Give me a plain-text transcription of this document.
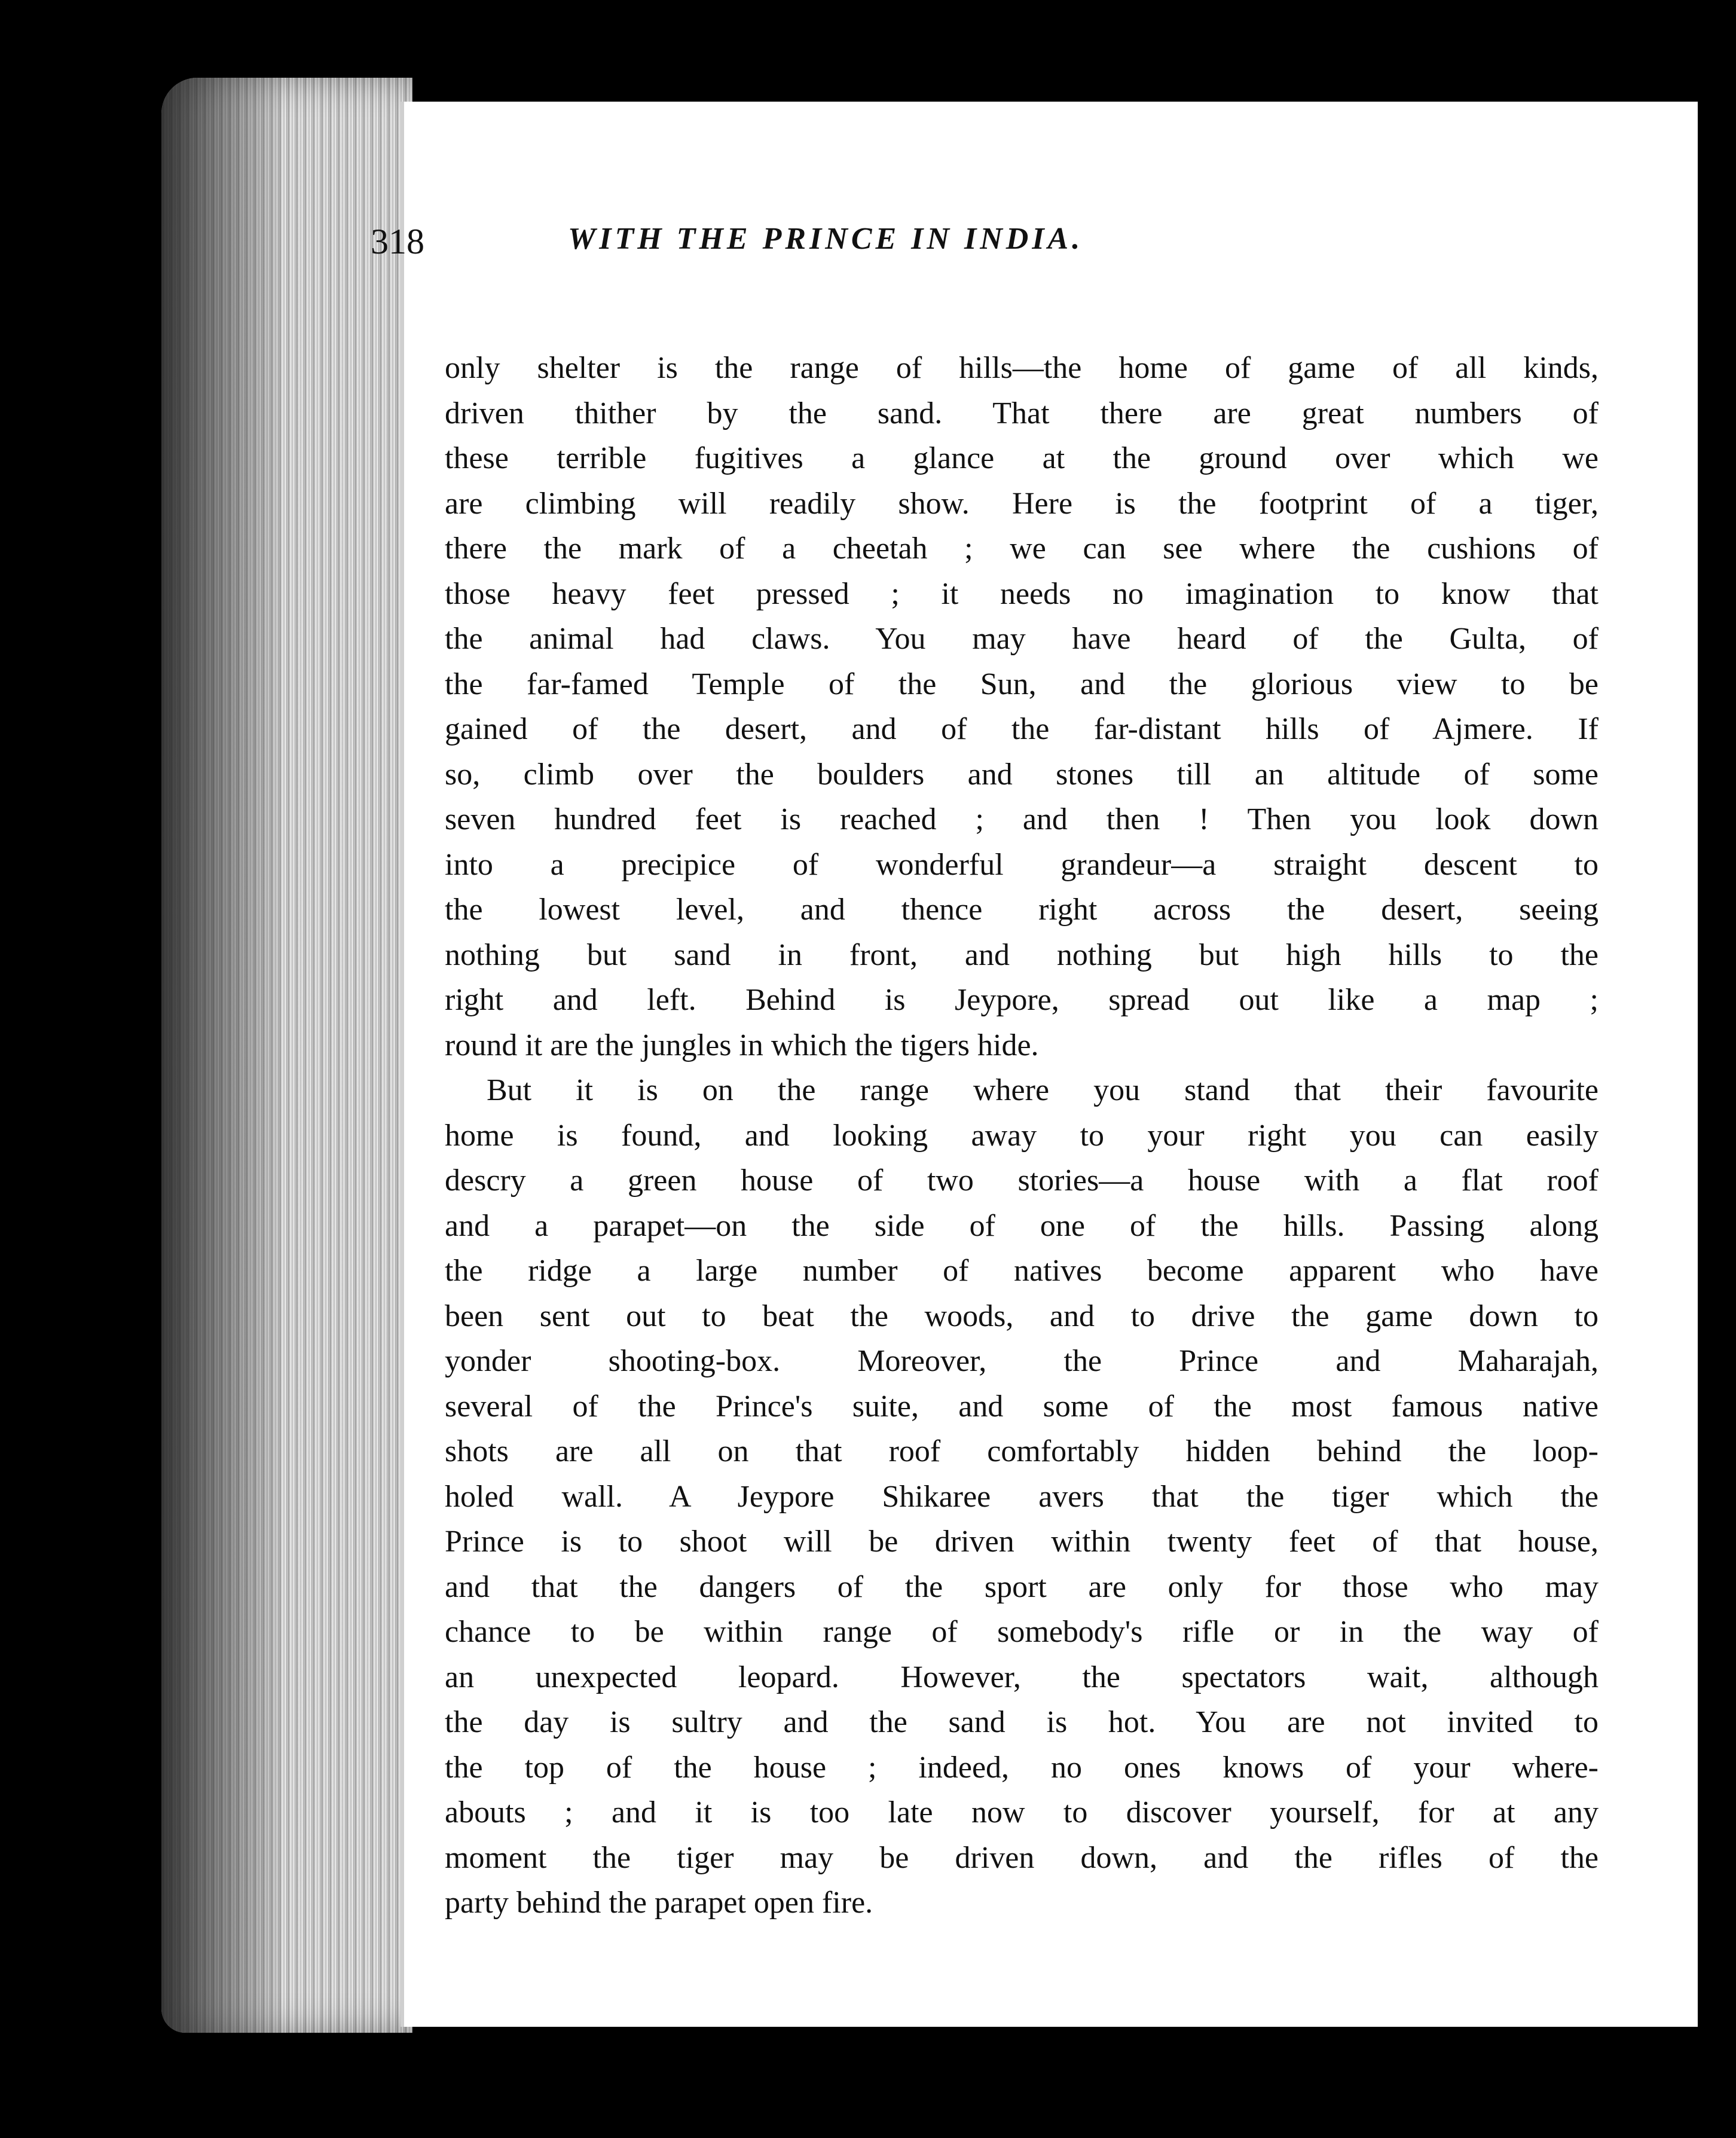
318	WITH THE PRINCE IN INDIA.

only shelter is the range of hills—the home of game of all kinds,
driven thither by the sand. That there are great numbers of
these terrible fugitives a glance at the ground over which we
are climbing will readily show. Here is the footprint of a tiger,
there the mark of a cheetah ; we can see where the cushions of
those heavy feet pressed ; it needs no imagination to know that
the animal had claws. You may have heard of the Gulta, of
the far-famed Temple of the Sun, and the glorious view to be
gained of the desert, and of the far-distant hills of Ajmere. If
so, climb over the boulders and stones till an altitude of some
seven hundred feet is reached ; and then ! Then you look down
into a precipice of wonderful grandeur—a straight descent to
the lowest level, and thence right across the desert, seeing
nothing but sand in front, and nothing but high hills to the
right and left. Behind is Jeypore, spread out like a map ;
round it are the jungles in which the tigers hide.

But it is on the range where you stand that their favourite
home is found, and looking away to your right you can easily
descry a green house of two stories—a house with a flat roof
and a parapet—on the side of one of the hills. Passing along
the ridge a large number of natives become apparent who have
been sent out to beat the woods, and to drive the game down to
yonder shooting-box. Moreover, the Prince and Maharajah,
several of the Prince's suite, and some of the most famous native
shots are all on that roof comfortably hidden behind the loop-
holed wall. A Jeypore Shikaree avers that the tiger which the
Prince is to shoot will be driven within twenty feet of that house,
and that the dangers of the sport are only for those who may
chance to be within range of somebody's rifle or in the way of
an unexpected leopard. However, the spectators wait, although
the day is sultry and the sand is hot. You are not invited to
the top of the house ; indeed, no ones knows of your where-
abouts ; and it is too late now to discover yourself, for at any
moment the tiger may be driven down, and the rifles of the
party behind the parapet open fire.
